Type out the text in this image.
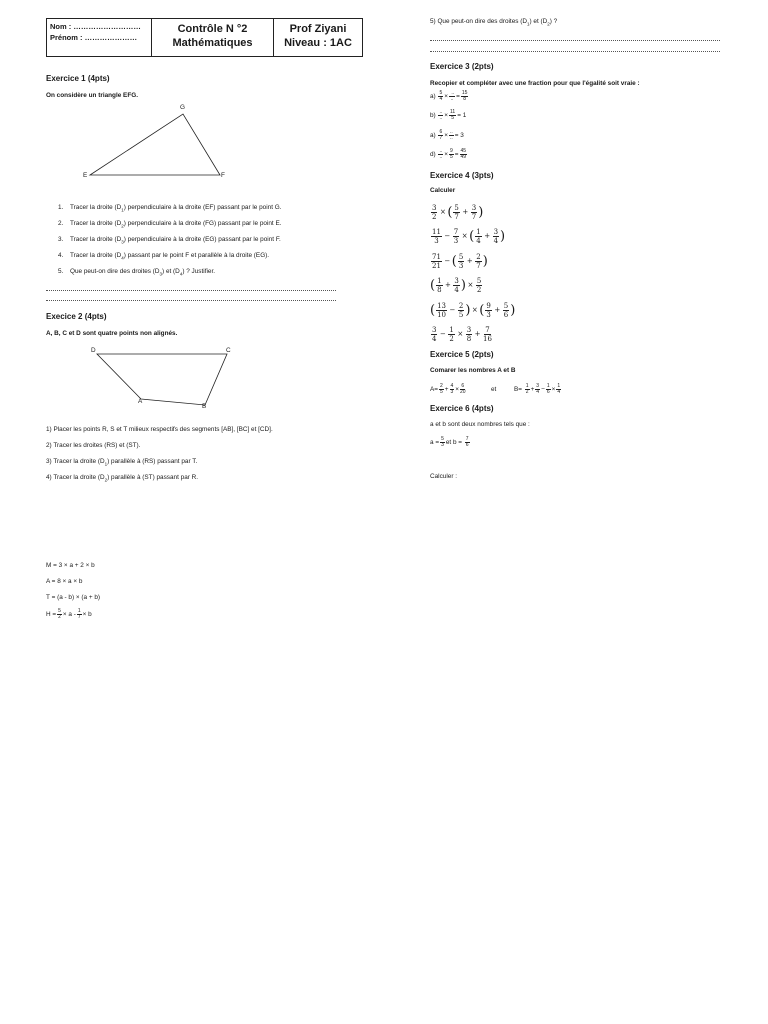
Nom : ………………………
Prénom : …………………
Contrôle N °2
Mathématiques
Prof Ziyani
Niveau : 1AC
Exercice 1 (4pts)
On considère un triangle EFG.
G
E	F
1.	Tracer la droite $(D_1)$ perpendiculaire à la droite (EF) passant par le point G.
2.	Tracer la droite $(D_2)$ perpendiculaire à la droite (FG) passant par le point E.
3.	Tracer la droite $(D_3)$ perpendiculaire à la droite (EG) passant par le point F.
4.	Tracer la droite $(D_4)$ passant par le point F et parallèle à la droite (EG).
5.	Que peut-on dire des droites $(D_3)$ et $(D_4)$ ? Justifier.
Execice 2 (4pts)
A, B, C et D sont quatre points non alignés.
D	C
A
B
1) Placer les points R, S et T milieux respectifs des segments [AB], [BC] et [CD].
2) Tracer les droites (RS) et (ST).
3) Tracer la droite $(D_1)$ parallèle à (RS) passant par T.
4) Tracer la droite $(D_2)$ parallèle à (ST) passant par R.
M = 3 × a + 2 × b
A = 8 × a × b
T = (a - b) × (a + b)
$H = \frac{5}{2} \times a - \frac{1}{7} \times b$
5) Que peut-on dire des droites $(D_1)$ et $(D_2)$ ?
Exercice 3 (2pts)
Recopier et compléter avec une fraction pour que l'égalité soit vraie :
$a) \frac{5}{4} \times \frac{..}{..} = \frac{15}{8}$
$b) \frac{..}{..} \times \frac{11}{5} = 1$
$a) \frac{6}{7} \times \frac{..}{..} = 3$
$d) \frac{..}{..} \times \frac{9}{5} = \frac{45}{49}$
Exercice 4 (3pts)
Calculer
$\frac{3}{2}$ × ( 5
7
+ $\frac{3}{7}$ )
11
3
− $\frac{7}{3}$ × ( 1
4
+ $\frac{3}{4}$ )
71
21
− ( 5
3
+ $\frac{2}{7}$ )
( 1
8
+ $\frac{3}{4}$ ) × $\frac{5}{2}$
( 13
10
− $\frac{2}{5}$ ) × ( 9
3
+ $\frac{5}{6}$ )
3
4
− $\frac{1}{2} \times \frac{3}{8} + \frac{7}{16}$
Exercice 5 (2pts)
Comarer les nombres A et B
$A= \frac{2}{5} + \frac{4}{3} \times \frac{6}{20}$	et	B=
$\frac{1}{2} + \frac{3}{4} - \frac{1}{6} \times \frac{1}{4}$
Exercice 6 (4pts)
a et b sont deux nombres tels que :
$a = \frac{5}{3}$ et b =
$\frac{7}{6}$
Calculer :
